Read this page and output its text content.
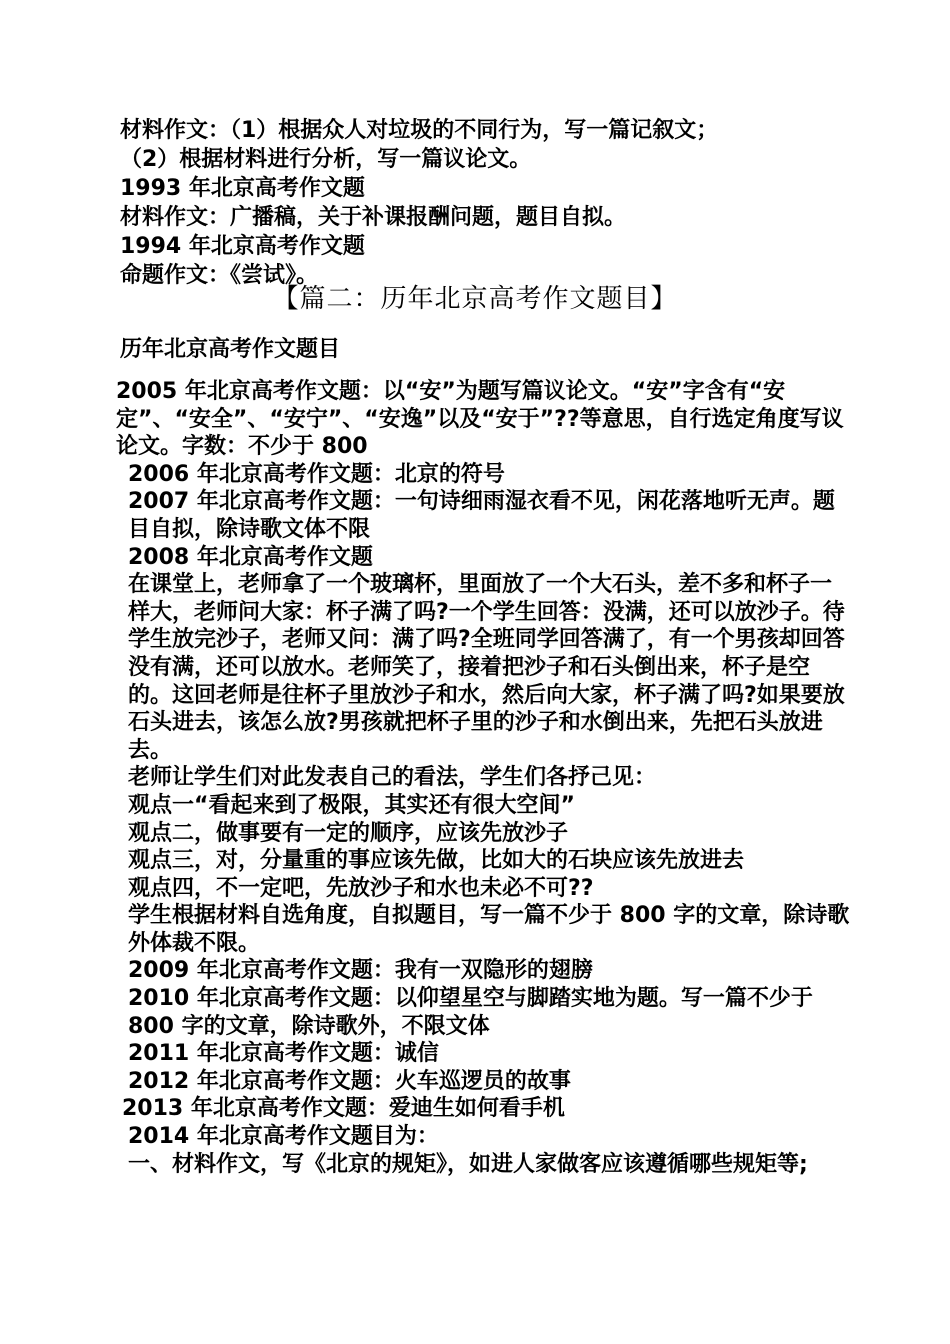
材料作文：（1）根据众人对垃圾的不同行为，写一篇记叙文；
（2）根据材料进行分析，写一篇议论文。
1993 年北京高考作文题
材料作文：广播稿，关于补课报酬问题，题目自拟。
1994 年北京高考作文题
命题作文：《尝试》。
【篇二：历年北京高考作文题目】
历年北京高考作文题目

2005 年北京高考作文题：以“安”为题写篇议论文。“安”字含有“安定”、“安全”、“安宁”、“安逸”以及“安于”??等意思，自行选定角度写议论文。字数：不少于 800

2006 年北京高考作文题：北京的符号

2007 年北京高考作文题：一句诗细雨湿衣看不见，闲花落地听无声。题目自拟，除诗歌文体不限

2008 年北京高考作文题

在课堂上，老师拿了一个玻璃杯，里面放了一个大石头，差不多和杯子一样大，老师问大家：杯子满了吗?一个学生回答：没满，还可以放沙子。待学生放完沙子，老师又问：满了吗?全班同学回答满了，有一个男孩却回答没有满，还可以放水。老师笑了，接着把沙子和石头倒出来，杯子是空的。这回老师是往杯子里放沙子和水，然后向大家，杯子满了吗?如果要放石头进去，该怎么放?男孩就把杯子里的沙子和水倒出来，先把石头放进去。

老师让学生们对此发表自己的看法，学生们各抒己见：

观点一“看起来到了极限，其实还有很大空间”

观点二，做事要有一定的顺序，应该先放沙子

观点三，对，分量重的事应该先做，比如大的石块应该先放进去

观点四，不一定吧，先放沙子和水也未必不可??

学生根据材料自选角度，自拟题目，写一篇不少于 800 字的文章，除诗歌外体裁不限。

2009 年北京高考作文题：我有一双隐形的翅膀

2010 年北京高考作文题：以仰望星空与脚踏实地为题。写一篇不少于 800 字的文章，除诗歌外，不限文体

2011 年北京高考作文题：诚信

2012 年北京高考作文题：火车巡逻员的故事

2013 年北京高考作文题：爱迪生如何看手机

2014 年北京高考作文题目为：

一、材料作文，写《北京的规矩》，如进人家做客应该遵循哪些规矩等;
